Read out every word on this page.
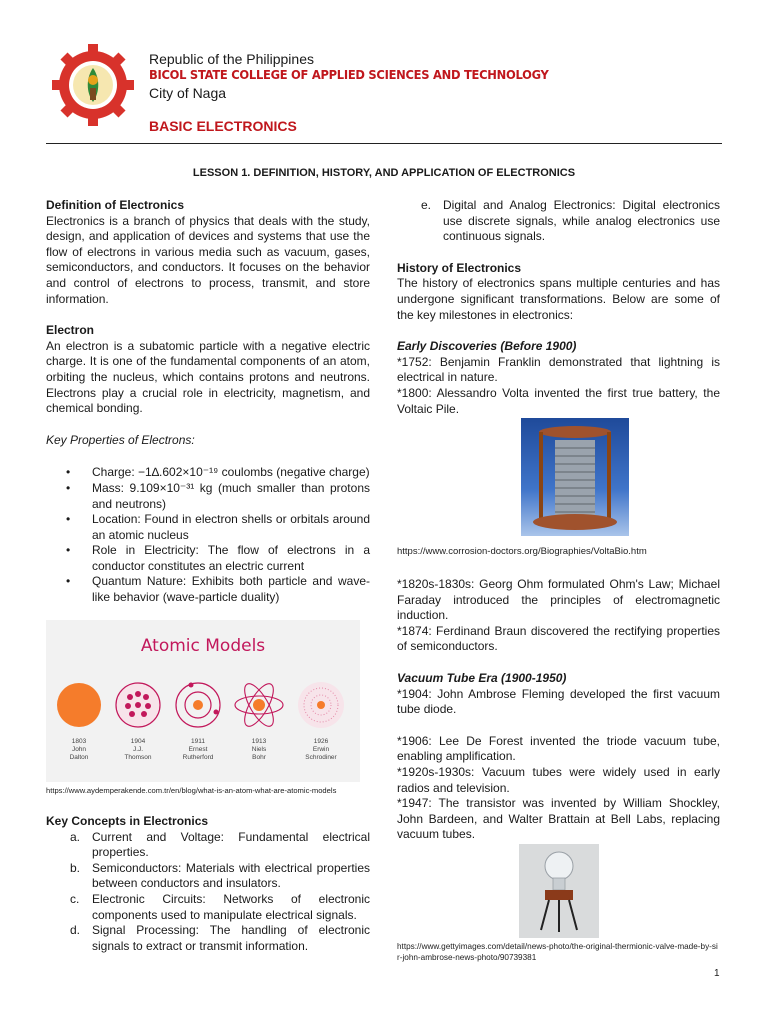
Republic of the Philippines
BICOL STATE COLLEGE OF APPLIED SCIENCES AND TECHNOLOGY
City of Naga
BASIC ELECTRONICS
LESSON 1. DEFINITION, HISTORY, AND APPLICATION OF ELECTRONICS

Definition of Electronics

Electronics is a branch of physics that deals with the study, design, and application of devices and systems that use the flow of electrons in various media such as vacuum, gases, semiconductors, and conductors. It focuses on the behavior and control of electrons to process, transmit, and store information.

Electron

An electron is a subatomic particle with a negative electric charge. It is one of the fundamental components of an atom, orbiting the nucleus, which contains protons and neutrons. Electrons play a crucial role in electricity, magnetism, and chemical bonding.

Key Properties of Electrons:

• Charge: −1∆.602×10⁻¹⁹ coulombs (negative charge)
• Mass: 9.109×10⁻³¹ kg (much smaller than protons and neutrons)
• Location: Found in electron shells or orbitals around an atomic nucleus
• Role in Electricity: The flow of electrons in a conductor constitutes an electric current
• Quantum Nature: Exhibits both particle and wave-like behavior (wave-particle duality)
Atomic Models
1803
John
Dalton
1904
J.J.
Thomson
1911
Ernest
Rutherford
1913
Niels
Bohr
1926
Erwin
Schrodiner
https://www.aydemperakende.com.tr/en/blog/what-is-an-atom-what-are-atomic-models

Key Concepts in Electronics

a. Current and Voltage: Fundamental electrical properties.
b. Semiconductors: Materials with electrical properties between conductors and insulators.
c. Electronic Circuits: Networks of electronic components used to manipulate electrical signals.
d. Signal Processing: The handling of electronic signals to extract or transmit information.
e. Digital and Analog Electronics: Digital electronics use discrete signals, while analog electronics use continuous signals.

History of Electronics

The history of electronics spans multiple centuries and has undergone significant transformations. Below are some of the key milestones in electronics:

Early Discoveries (Before 1900)

*1752: Benjamin Franklin demonstrated that lightning is electrical in nature.

*1800: Alessandro Volta invented the first true battery, the Voltaic Pile.

https://www.corrosion-doctors.org/Biographies/VoltaBio.htm

*1820s-1830s: Georg Ohm formulated Ohm's Law; Michael Faraday introduced the principles of electromagnetic induction.

*1874: Ferdinand Braun discovered the rectifying properties of semiconductors.

Vacuum Tube Era (1900-1950)

*1904: John Ambrose Fleming developed the first vacuum tube diode.

*1906: Lee De Forest invented the triode vacuum tube, enabling amplification.

*1920s-1930s: Vacuum tubes were widely used in early radios and television.

*1947: The transistor was invented by William Shockley, John Bardeen, and Walter Brattain at Bell Labs, replacing vacuum tubes.

https://www.gettyimages.com/detail/news-photo/the-original-thermionic-valve-made-by-sir-john-ambrose-news-photo/90739381
1
